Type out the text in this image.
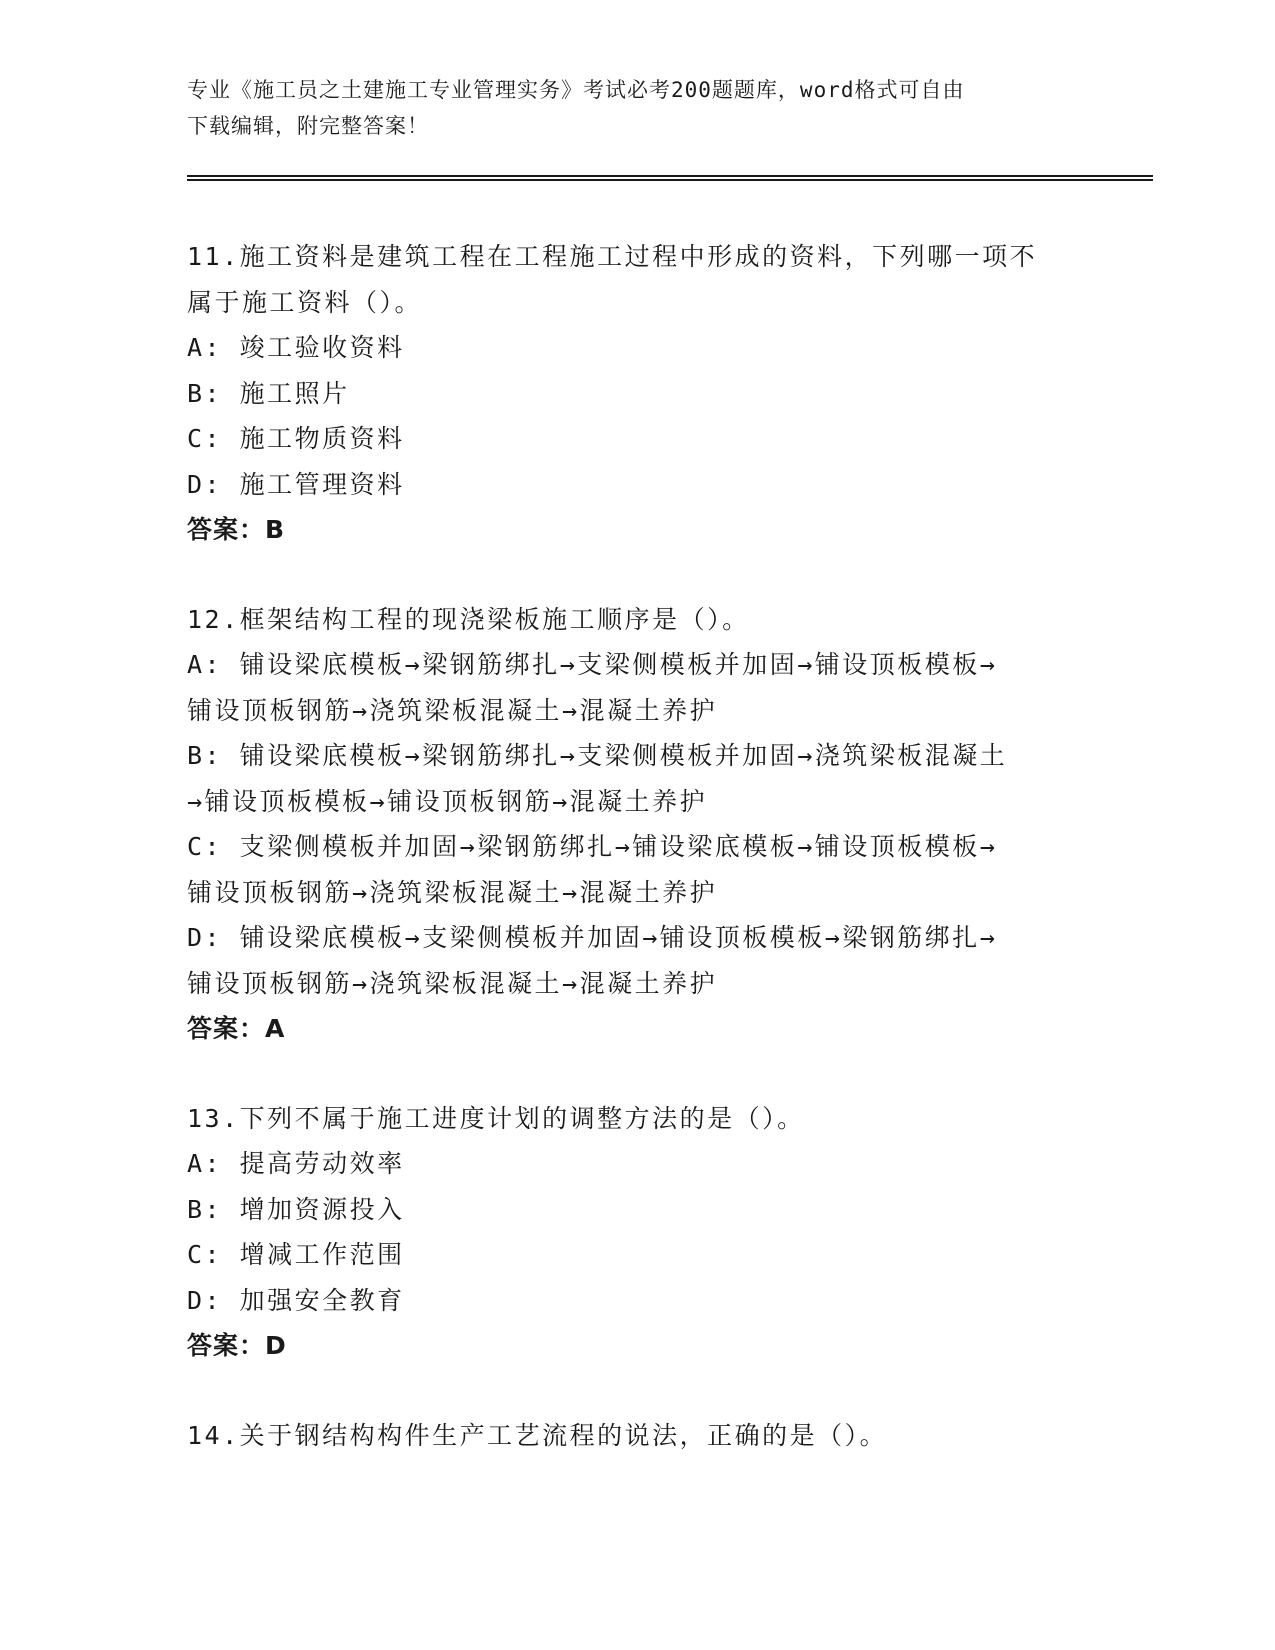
专业《施工员之土建施工专业管理实务》考试必考200题题库，word格式可自由
下载编辑，附完整答案！
11.施工资料是建筑工程在工程施工过程中形成的资料，下列哪一项不
属于施工资料（）。
A: 竣工验收资料
B: 施工照片
C: 施工物质资料
D: 施工管理资料
答案：B
12.框架结构工程的现浇梁板施工顺序是（）。
A: 铺设梁底模板→梁钢筋绑扎→支梁侧模板并加固→铺设顶板模板→
铺设顶板钢筋→浇筑梁板混凝土→混凝土养护
B: 铺设梁底模板→梁钢筋绑扎→支梁侧模板并加固→浇筑梁板混凝土
→铺设顶板模板→铺设顶板钢筋→混凝土养护
C: 支梁侧模板并加固→梁钢筋绑扎→铺设梁底模板→铺设顶板模板→
铺设顶板钢筋→浇筑梁板混凝土→混凝土养护
D: 铺设梁底模板→支梁侧模板并加固→铺设顶板模板→梁钢筋绑扎→
铺设顶板钢筋→浇筑梁板混凝土→混凝土养护
答案：A
13.下列不属于施工进度计划的调整方法的是（）。
A: 提高劳动效率
B: 增加资源投入
C: 增减工作范围
D: 加强安全教育
答案：D
14.关于钢结构构件生产工艺流程的说法，正确的是（）。
